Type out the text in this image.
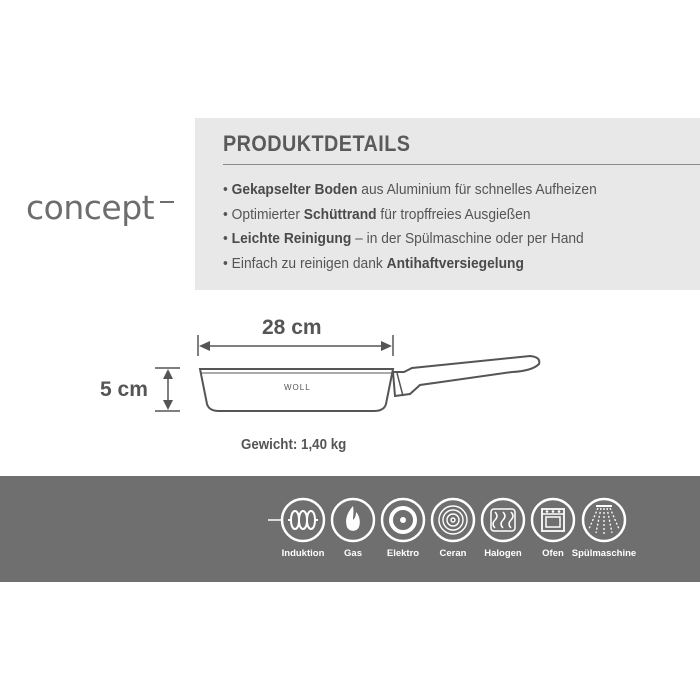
concept
PRODUKTDETAILS
• Gekapselter Boden aus Aluminium für schnelles Aufheizen
• Optimierter Schüttrand für tropffreies Ausgießen
• Leichte Reinigung – in der Spülmaschine oder per Hand
• Einfach zu reinigen dank Antihaftversiegelung
28 cm
5 cm	WOLL
Gewicht: 1,40 kg
Induktion	Gas	Elektro	Ceran	Halogen	Ofen Spülmaschine
